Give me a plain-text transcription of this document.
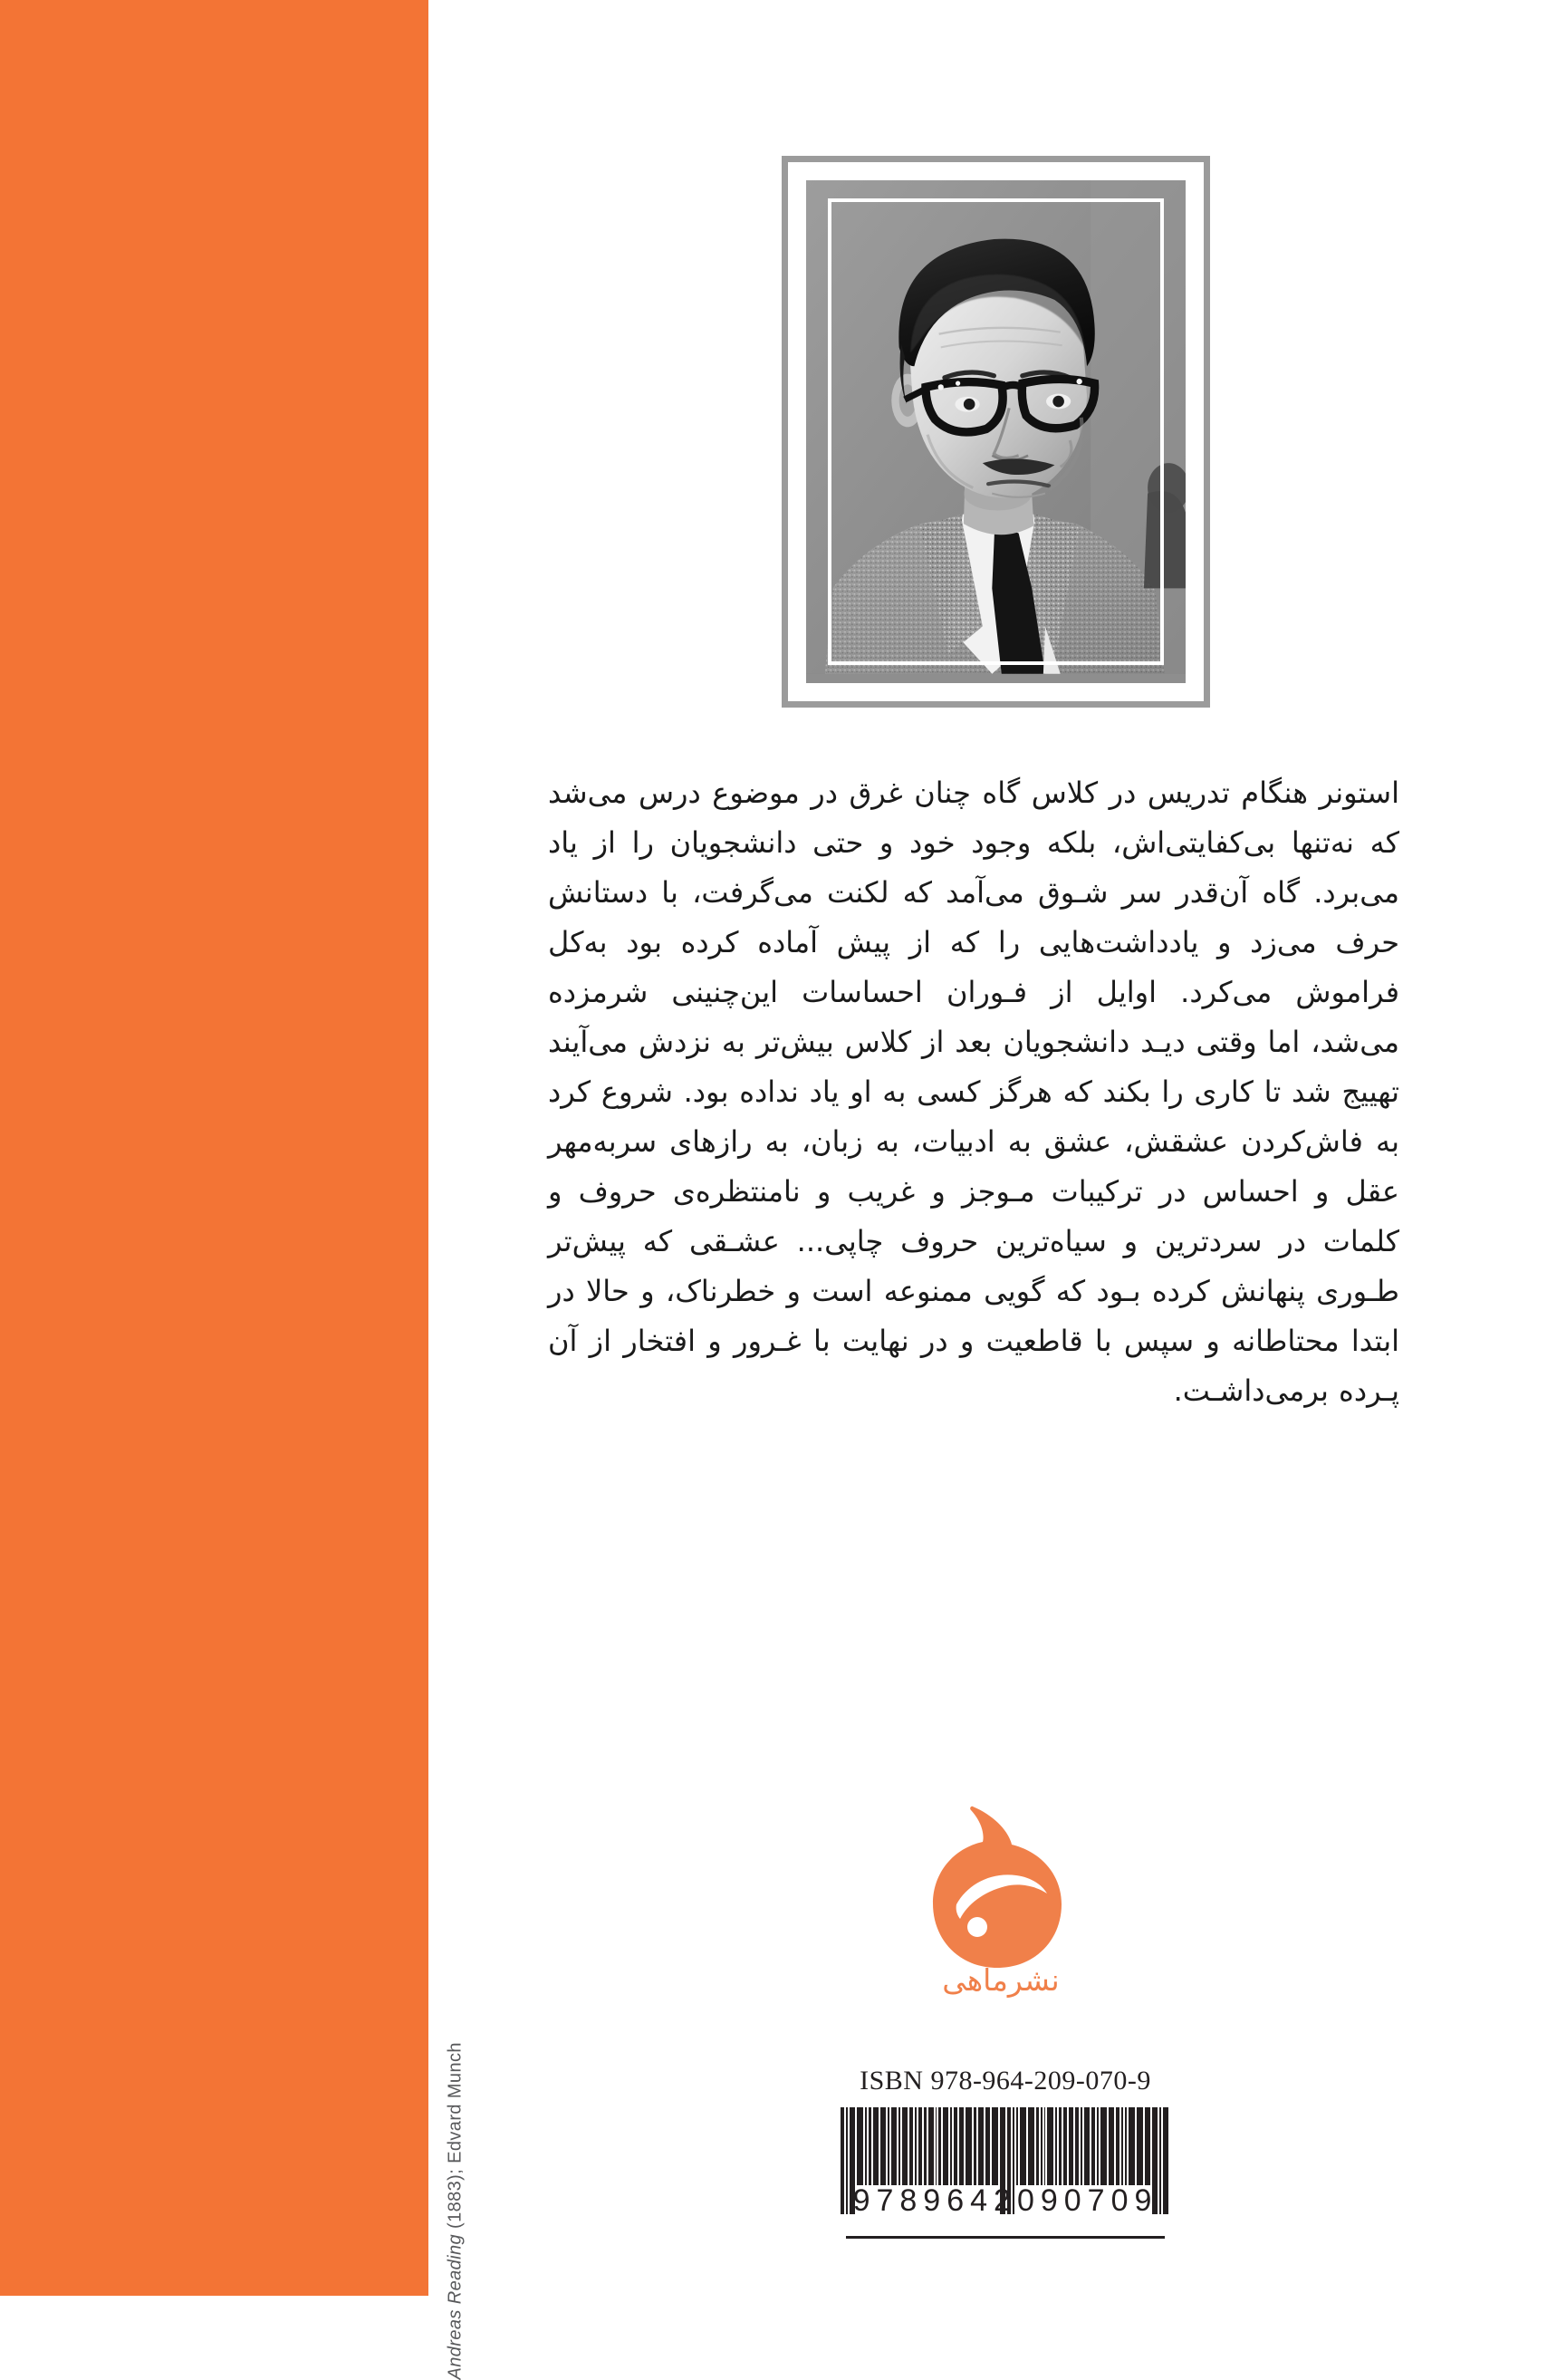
Andreas Reading (1883); Edvard Munch
استونر هنگام تدریس در کلاس گاه چنان غرق در موضوع درس می‌شد که نه‌تنها بی‌کفایتی‌اش، بلکه وجود خود و حتی دانشجویان را از یاد می‌برد. گاه آن‌قدر سر شـوق می‌آمد که لکنت می‌گرفت، با دستانش حرف می‌زد و یادداشت‌هایی را که از پیش آماده کرده بود به‌کل فراموش می‌کرد. اوایل از فـوران احساسات این‌چنینی شرمزده می‌شد، اما وقتی دیـد دانشجویان بعد از کلاس بیش‌تر به نزدش می‌آیند تهییج شد تا کاری را بکند که هرگز کسی به او یاد نداده بود. شروع کرد به فاش‌کردن عشقش، عشق به ادبیات، به زبان، به رازهای سربه‌مهر عقل و احساس در ترکیبات مـوجز و غریب و نامنتظره‌ی حروف و کلمات در سردترین و سیاه‌ترین حروف چاپی... عشـقی که پیش‌تر طـوری پنهانش کرده بـود که گویی ممنوعه است و خطرناک، و حالا در ابتدا محتاطانه و سپس با قاطعیت و در نهایت با غـرور و افتخار از آن پـرده برمی‌داشـت.
نشرماهی
ISBN 978-964-209-070-9
9789642090709
